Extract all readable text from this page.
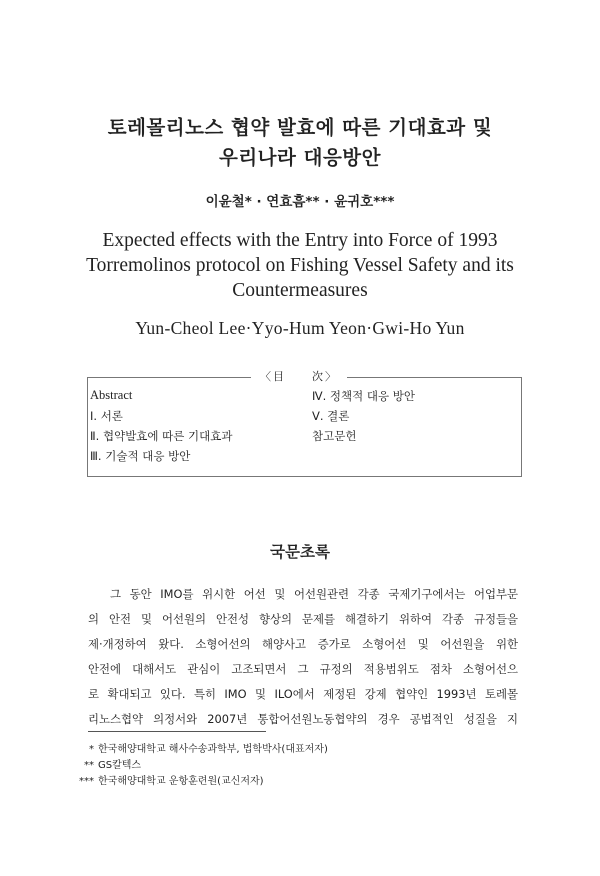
토레몰리노스 협약 발효에 따른 기대효과 및
우리나라 대응방안
이윤철* · 연효흠** · 윤귀호***
Expected effects with the Entry into Force of 1993
Torremolinos protocol on Fishing Vessel Safety and its
Countermeasures
Yun-Cheol Lee·Yyo-Hum Yeon·Gwi-Ho Yun
〈目　　次〉
Abstract
Ⅰ. 서론
Ⅱ. 협약발효에 따른 기대효과
Ⅲ. 기술적 대응 방안
Ⅳ. 정책적 대응 방안
Ⅴ. 결론
참고문헌
국문초록
그 동안 IMO를 위시한 어선 및 어선원관련 각종 국제기구에서는 어업부문
의 안전 및 어선원의 안전성 향상의 문제를 해결하기 위하여 각종 규정들을
제·개정하여 왔다. 소형어선의 해양사고 증가로 소형어선 및 어선원을 위한
안전에 대해서도 관심이 고조되면서 그 규정의 적용범위도 점차 소형어선으
로 확대되고 있다. 특히 IMO 및 ILO에서 제정된 강제 협약인 1993년 토레몰
리노스협약 의정서와 2007년 통합어선원노동협약의 경우 공법적인 성질을 지
* 한국해양대학교 해사수송과학부, 법학박사(대표저자)
** GS칼텍스
*** 한국해양대학교 운항훈련원(교신저자)
